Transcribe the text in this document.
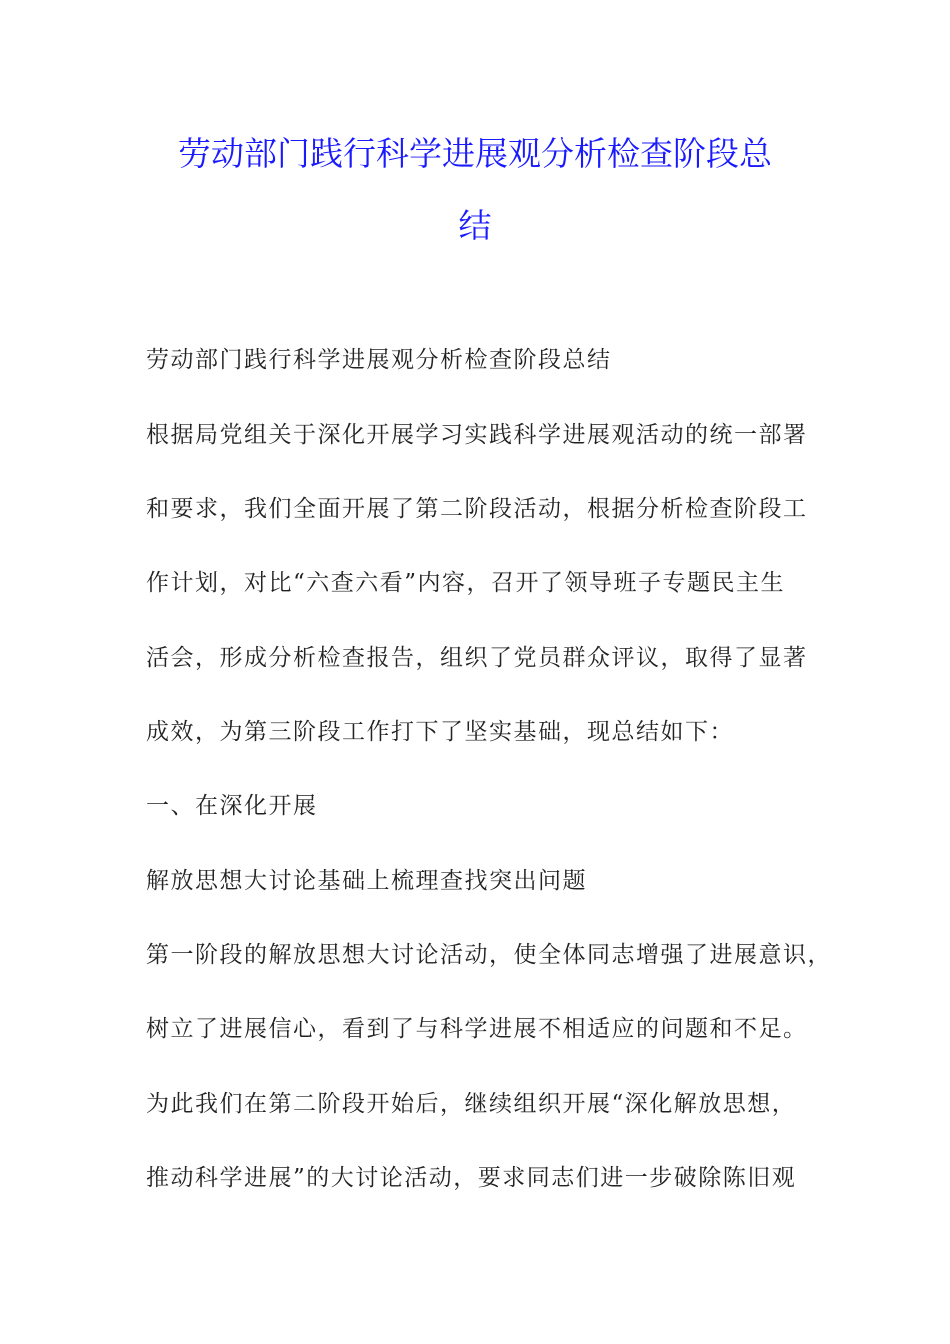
劳动部门践行科学进展观分析检查阶段总
结

劳动部门践行科学进展观分析检查阶段总结

根据局党组关于深化开展学习实践科学进展观活动的统一部署

和要求，我们全面开展了第二阶段活动，根据分析检查阶段工

作计划，对比“六查六看”内容，召开了领导班子专题民主生

活会，形成分析检查报告，组织了党员群众评议，取得了显著

成效，为第三阶段工作打下了坚实基础，现总结如下：

一、在深化开展

解放思想大讨论基础上梳理查找突出问题

第一阶段的解放思想大讨论活动，使全体同志增强了进展意识，

树立了进展信心，看到了与科学进展不相适应的问题和不足。

为此我们在第二阶段开始后，继续组织开展“深化解放思想，

推动科学进展”的大讨论活动，要求同志们进一步破除陈旧观
